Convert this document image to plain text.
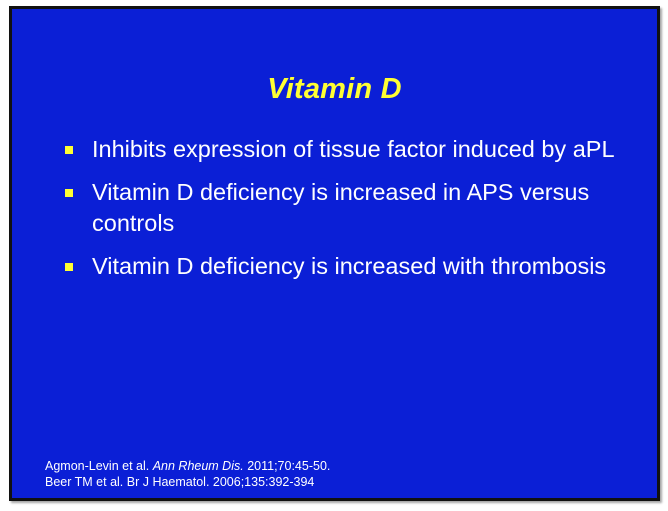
Vitamin D
Inhibits expression of tissue factor induced by aPL
Vitamin D deficiency is increased in APS versus controls
Vitamin D deficiency is increased with thrombosis
Agmon-Levin et al. Ann Rheum Dis. 2011;70:45-50.
Beer TM et al. Br J Haematol. 2006;135:392-394
